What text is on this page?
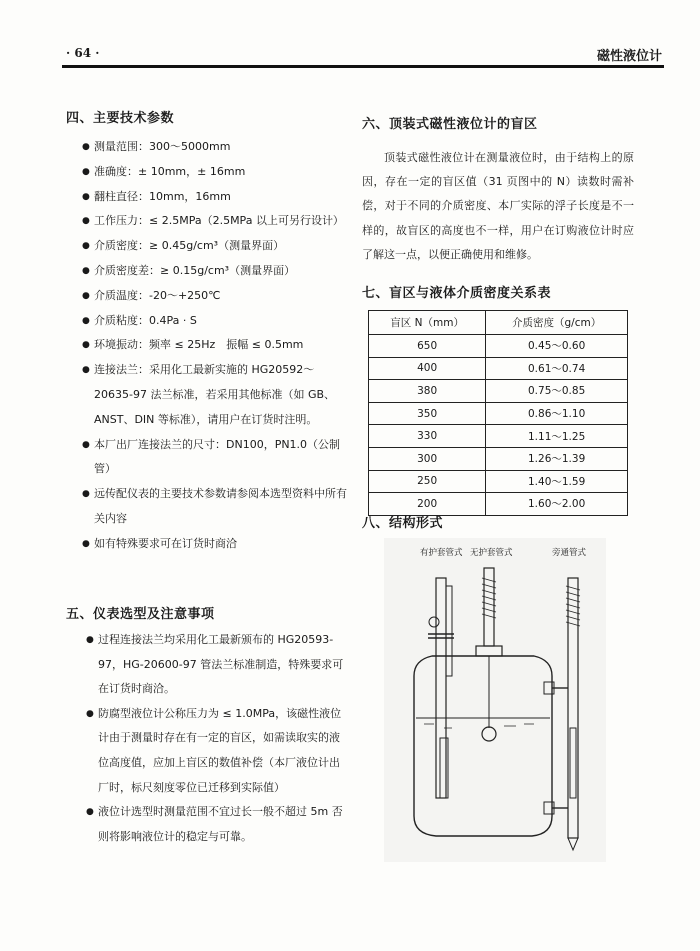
· 64 ·	磁性液位计
四、主要技术参数
● 测量范围：300～5000mm
● 准确度：± 10mm，± 16mm
● 翻柱直径：10mm，16mm
● 工作压力：≤ 2.5MPa（2.5MPa 以上可另行设计）
● 介质密度：≥ 0.45g/cm³（测量界面）
● 介质密度差：≥ 0.15g/cm³（测量界面）
● 介质温度：-20～+250℃
● 介质粘度：0.4Pa · S
● 环境振动：频率 ≤ 25Hz　振幅 ≤ 0.5mm
● 连接法兰：采用化工最新实施的 HG20592～20635-97 法兰标准，若采用其他标准（如 GB、ANST、DIN 等标准），请用户在订货时注明。
● 本厂出厂连接法兰的尺寸：DN100，PN1.0（公制管）
● 远传配仪表的主要技术参数请参阅本选型资料中所有关内容
● 如有特殊要求可在订货时商洽
五、仪表选型及注意事项
● 过程连接法兰均采用化工最新颁布的 HG20593-97，HG-20600-97 管法兰标准制造，特殊要求可在订货时商洽。
● 防腐型液位计公称压力为 ≤ 1.0MPa，该磁性液位计由于测量时存在有一定的盲区，如需读取实的液位高度值，应加上盲区的数值补偿（本厂液位计出厂时，标尺刻度零位已迁移到实际值）
● 液位计选型时测量范围不宜过长一般不超过 5m 否则将影响液位计的稳定与可靠。
六、顶装式磁性液位计的盲区

顶装式磁性液位计在测量液位时，由于结构上的原因，存在一定的盲区值（31 页图中的 N）读数时需补偿，对于不同的介质密度、本厂实际的浮子长度是不一样的，故盲区的高度也不一样，用户在订购液位计时应了解这一点，以便正确使用和维修。

七、盲区与液体介质密度关系表
盲区 N（mm）	介质密度（g/cm）
650	0.45～0.60
400	0.61～0.74
380	0.75～0.85
350	0.86～1.10
330	1.11～1.25
300	1.26～1.39
250	1.40～1.59
200	1.60～2.00
八、结构形式
有护套管式 无护套管式	旁通管式
